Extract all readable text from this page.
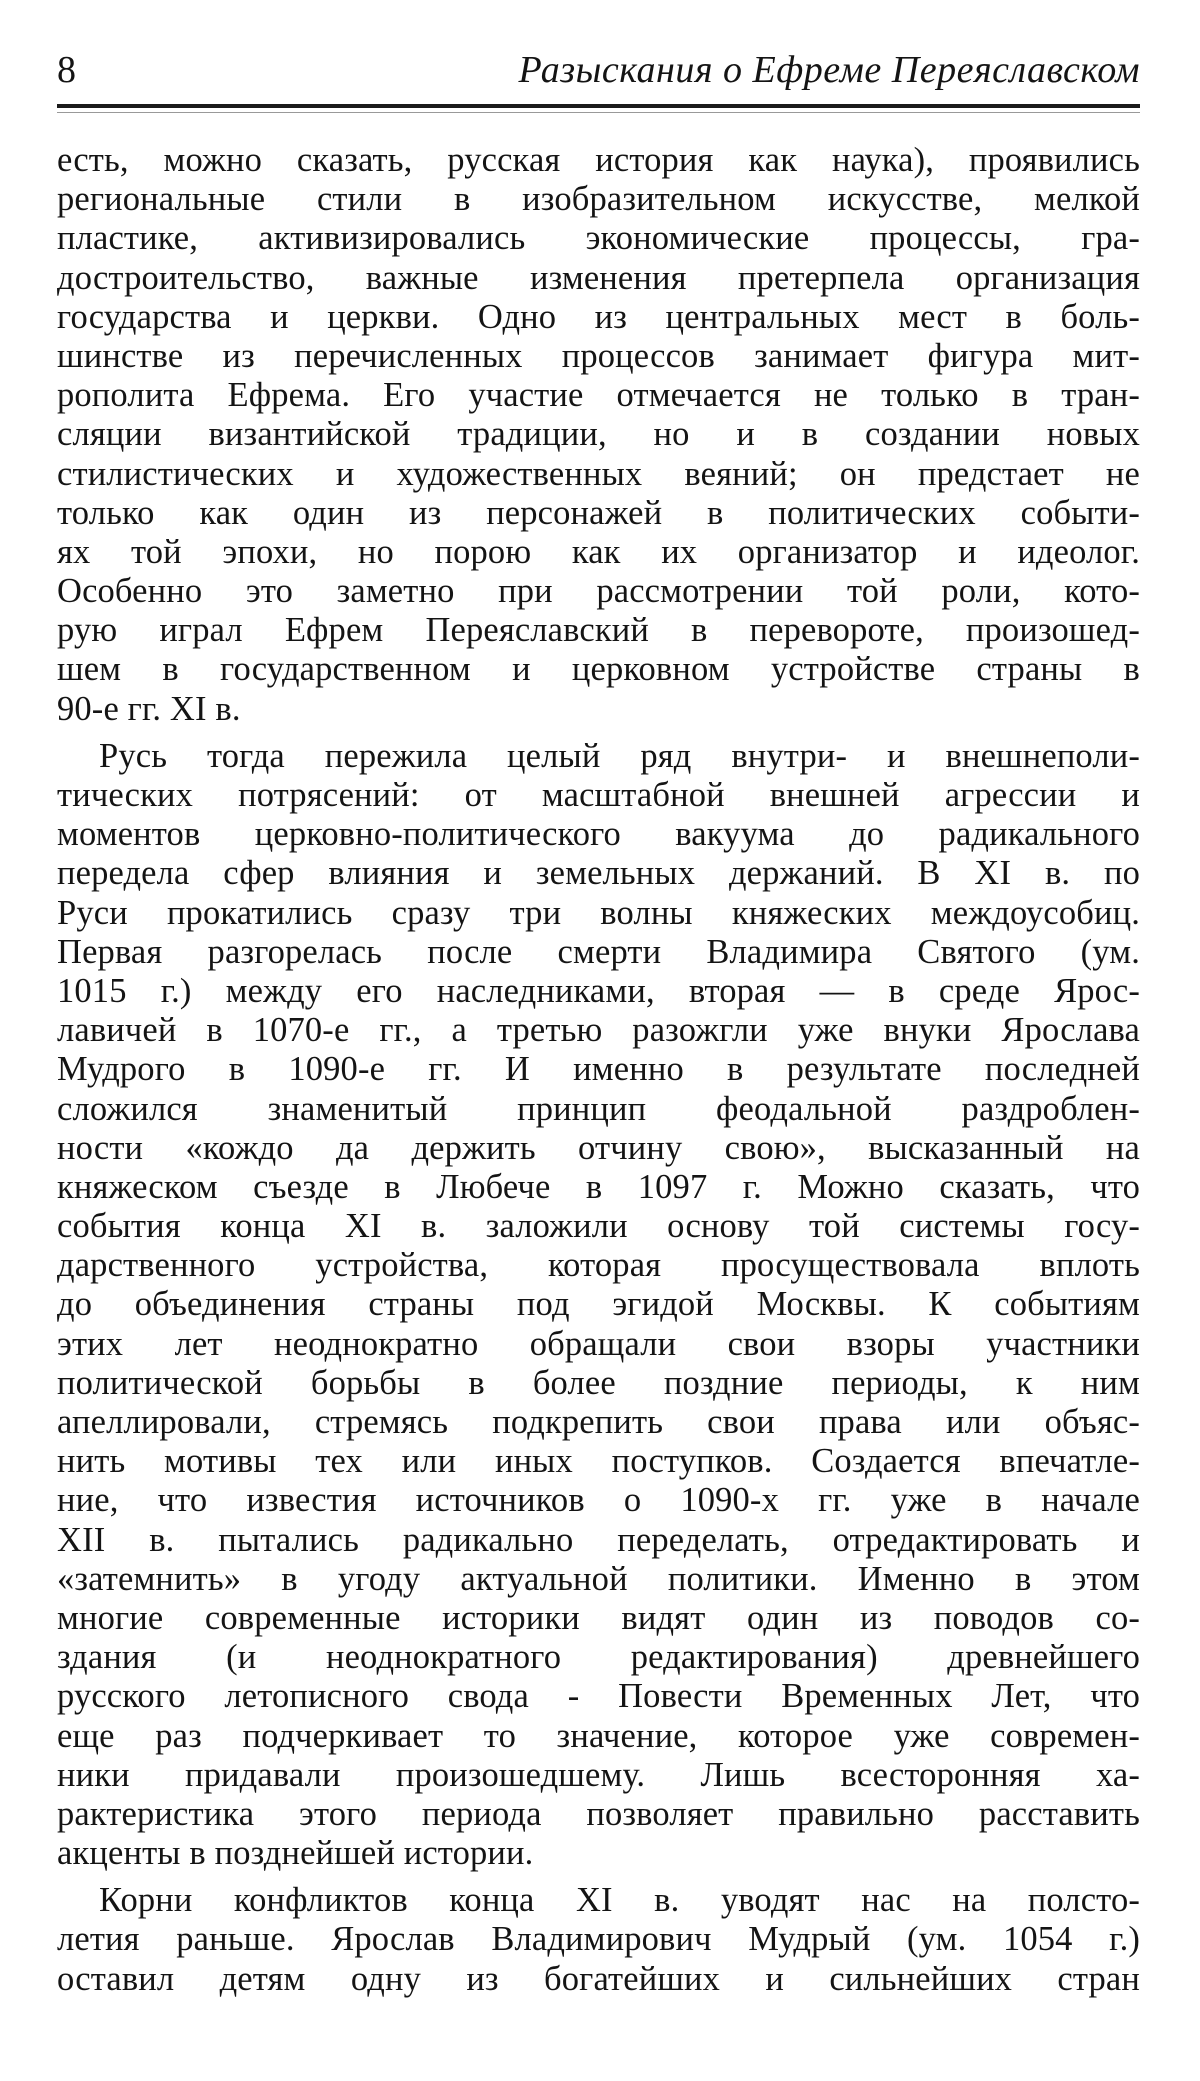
8	Разыскания о Ефреме Переяславском

есть, можно сказать, русская история как наука), проявились
региональные стили в изобразительном искусстве, мелкой
пластике, активизировались экономические процессы, гра-
достроительство, важные изменения претерпела организация
государства и церкви. Одно из центральных мест в боль-
шинстве из перечисленных процессов занимает фигура мит-
рополита Ефрема. Его участие отмечается не только в тран-
сляции византийской традиции, но и в создании новых
стилистических и художественных веяний; он предстает не
только как один из персонажей в политических событи-
ях той эпохи, но порою как их организатор и идеолог.
Особенно это заметно при рассмотрении той роли, кото-
рую играл Ефрем Переяславский в перевороте, произошед-
шем в государственном и церковном устройстве страны в
90-е гг. XI в.

Русь тогда пережила целый ряд внутри- и внешнеполи-
тических потрясений: от масштабной внешней агрессии и
моментов церковно-политического вакуума до радикального
передела сфер влияния и земельных держаний. В XI в. по
Руси прокатились сразу три волны княжеских междоусобиц.
Первая разгорелась после смерти Владимира Святого (ум.
1015 г.) между его наследниками, вторая — в среде Ярос-
лавичей в 1070-е гг., а третью разожгли уже внуки Ярослава
Мудрого в 1090-е гг. И именно в результате последней
сложился знаменитый принцип феодальной раздроблен-
ности «кождо да держить отчину свою», высказанный на
княжеском съезде в Любече в 1097 г. Можно сказать, что
события конца XI в. заложили основу той системы госу-
дарственного устройства, которая просуществовала вплоть
до объединения страны под эгидой Москвы. К событиям
этих лет неоднократно обращали свои взоры участники
политической борьбы в более поздние периоды, к ним
апеллировали, стремясь подкрепить свои права или объяс-
нить мотивы тех или иных поступков. Создается впечатле-
ние, что известия источников о 1090-х гг. уже в начале
XII в. пытались радикально переделать, отредактировать и
«затемнить» в угоду актуальной политики. Именно в этом
многие современные историки видят один из поводов со-
здания (и неоднократного редактирования) древнейшего
русского летописного свода - Повести Временных Лет, что
еще раз подчеркивает то значение, которое уже современ-
ники придавали произошедшему. Лишь всесторонняя ха-
рактеристика этого периода позволяет правильно расставить
акценты в позднейшей истории.

Корни конфликтов конца XI в. уводят нас на полсто-
летия раньше. Ярослав Владимирович Мудрый (ум. 1054 г.)
оставил детям одну из богатейших и сильнейших стран
